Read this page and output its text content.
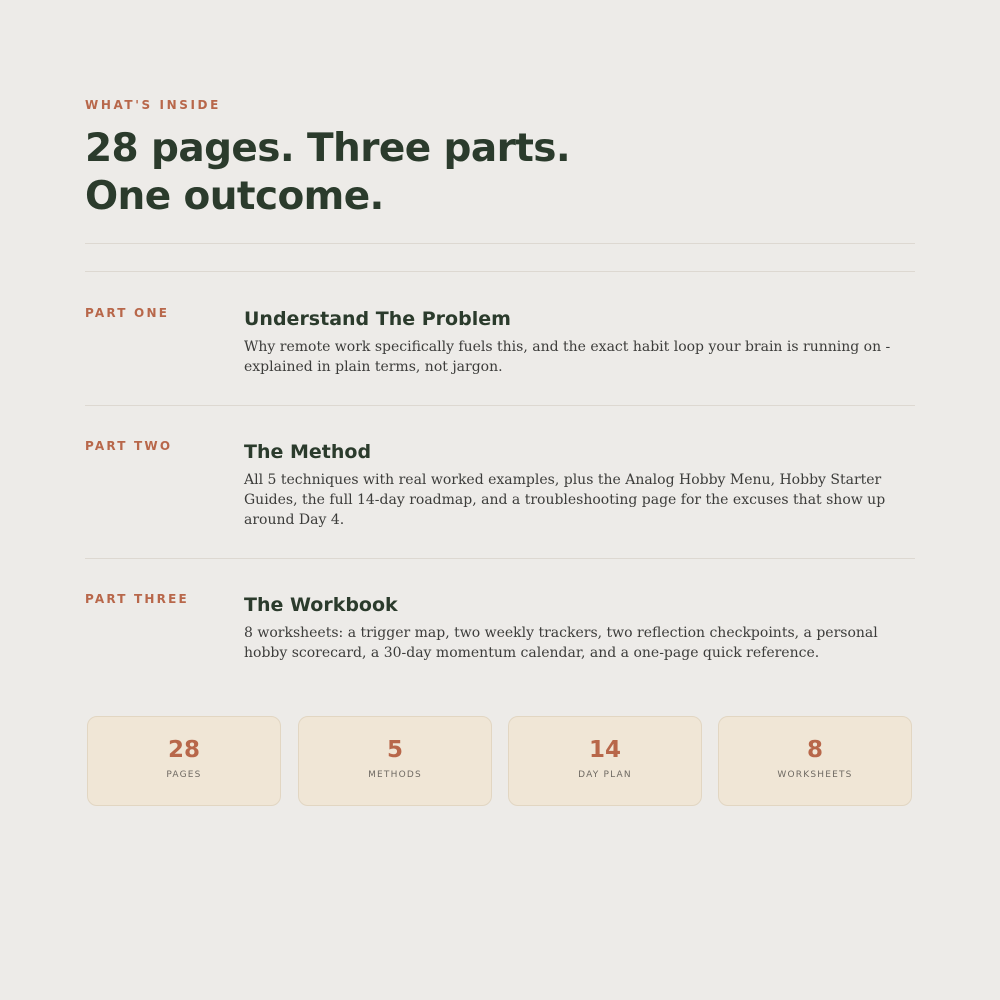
WHAT'S INSIDE

28 pages. Three parts.
One outcome.
PART ONE	Understand The Problem

Why remote work specifically fuels this, and the exact habit loop your brain is running on - explained in plain terms, not jargon.

PART TWO	The Method

All 5 techniques with real worked examples, plus the Analog Hobby Menu, Hobby Starter Guides, the full 14-day roadmap, and a troubleshooting page for the excuses that show up around Day 4.

PART THREE	The Workbook

8 worksheets: a trigger map, two weekly trackers, two reflection checkpoints, a personal hobby scorecard, a 30-day momentum calendar, and a one-page quick reference.

28
PAGES
5
METHODS
14
DAY PLAN
8
WORKSHEETS
